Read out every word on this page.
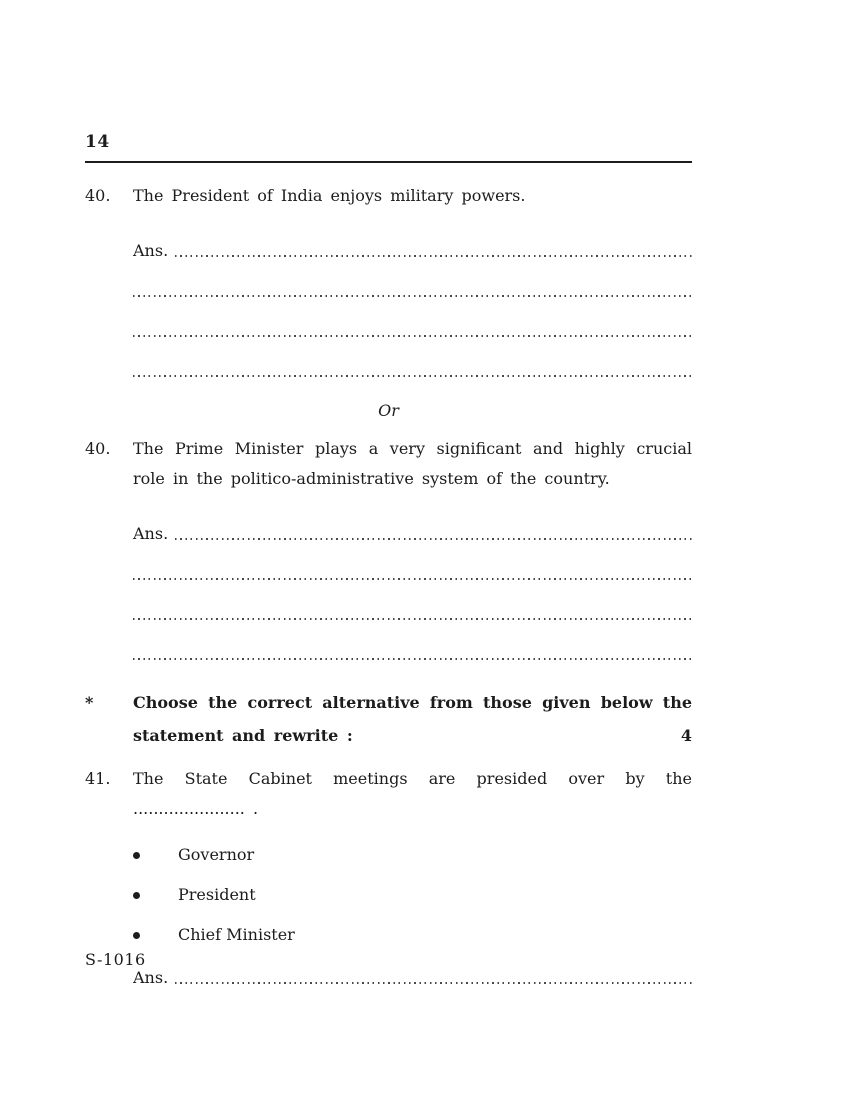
14
40.	The President of India enjoys military powers.

Ans.
Or
40.	The Prime Minister plays a very significant and highly crucial role in the politico-administrative system of the country.

Ans.
*	Choose the correct alternative from those given below the statement and rewrite :	4

41.	The State Cabinet meetings are presided over by the ...................... .

Governor
President
Chief Minister
Ans.
S-1016
